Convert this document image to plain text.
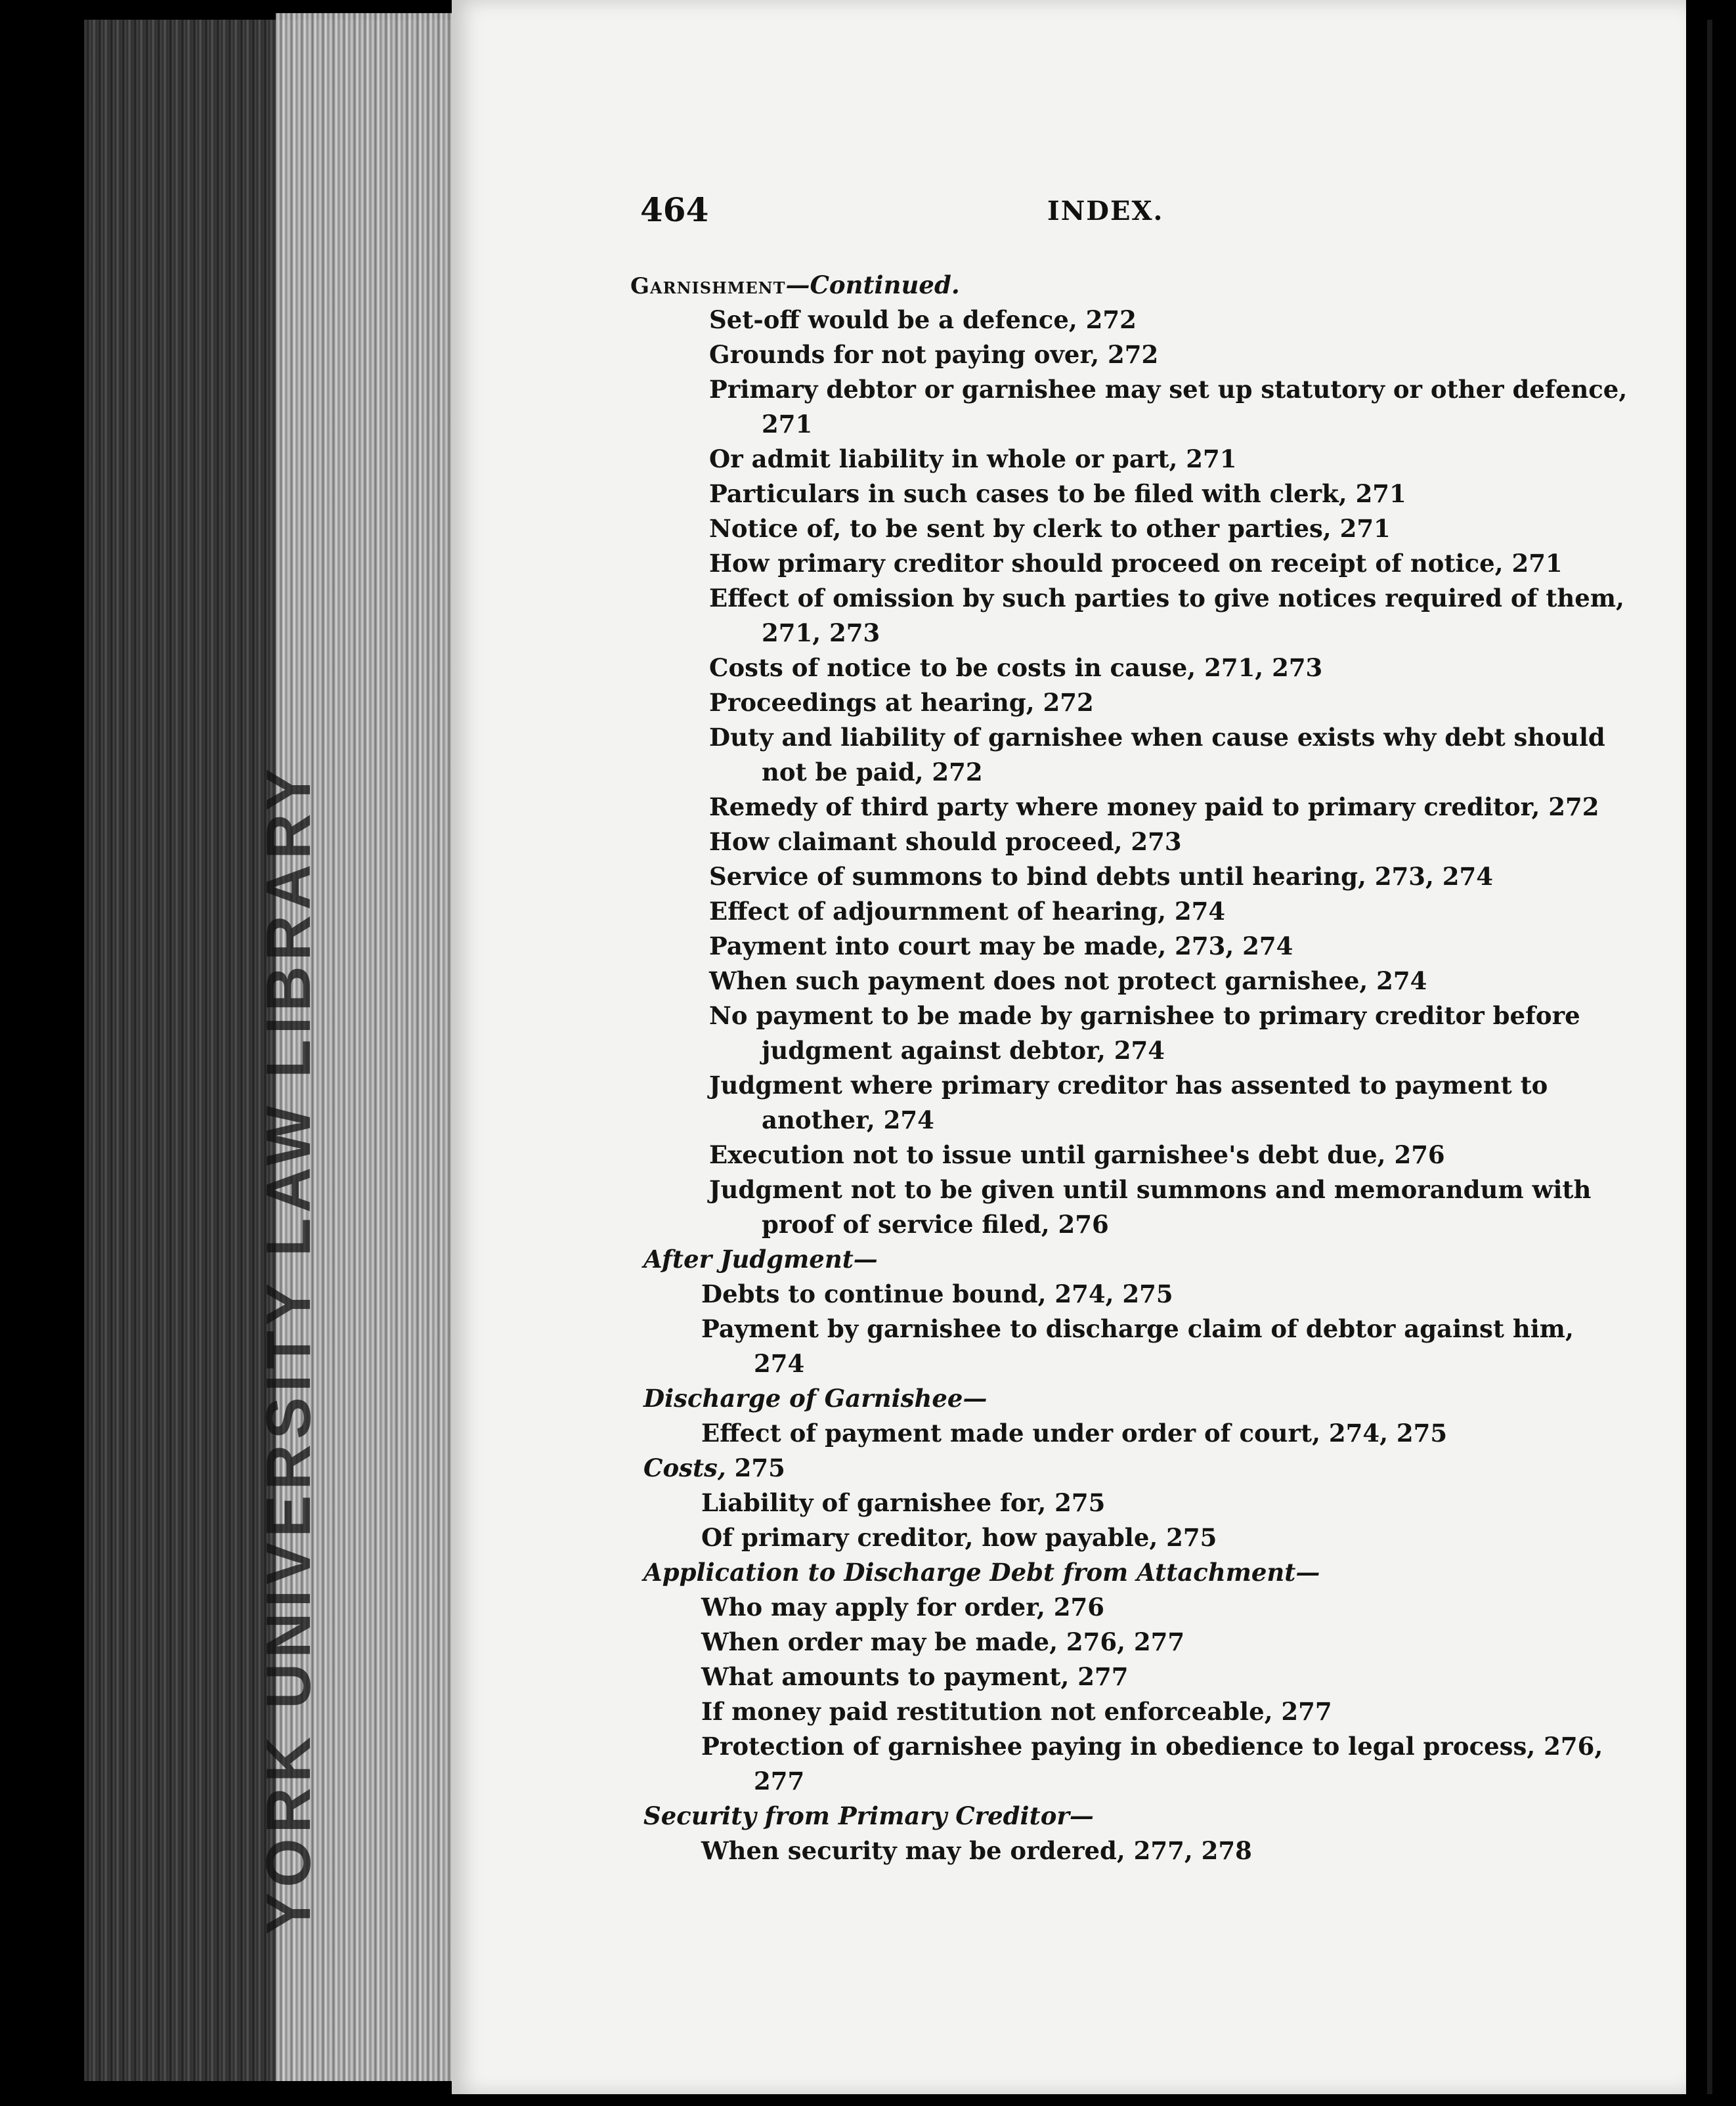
YORK UNIVERSITY LAW LIBRARY
464	INDEX.

Garnishment—Continued.

Set-off would be a defence, 272

Grounds for not paying over, 272

Primary debtor or garnishee may set up statutory or other defence,
271

Or admit liability in whole or part, 271

Particulars in such cases to be filed with clerk, 271

Notice of, to be sent by clerk to other parties, 271

How primary creditor should proceed on receipt of notice, 271

Effect of omission by such parties to give notices required of them,
271, 273

Costs of notice to be costs in cause, 271, 273

Proceedings at hearing, 272

Duty and liability of garnishee when cause exists why debt should
not be paid, 272

Remedy of third party where money paid to primary creditor, 272

How claimant should proceed, 273

Service of summons to bind debts until hearing, 273, 274

Effect of adjournment of hearing, 274

Payment into court may be made, 273, 274

When such payment does not protect garnishee, 274

No payment to be made by garnishee to primary creditor before
judgment against debtor, 274

Judgment where primary creditor has assented to payment to
another, 274

Execution not to issue until garnishee's debt due, 276

Judgment not to be given until summons and memorandum with
proof of service filed, 276

After Judgment—

Debts to continue bound, 274, 275

Payment by garnishee to discharge claim of debtor against him,
274

Discharge of Garnishee—

Effect of payment made under order of court, 274, 275

Costs, 275

Liability of garnishee for, 275

Of primary creditor, how payable, 275

Application to Discharge Debt from Attachment—

Who may apply for order, 276

When order may be made, 276, 277

What amounts to payment, 277

If money paid restitution not enforceable, 277

Protection of garnishee paying in obedience to legal process, 276,
277

Security from Primary Creditor—

When security may be ordered, 277, 278
